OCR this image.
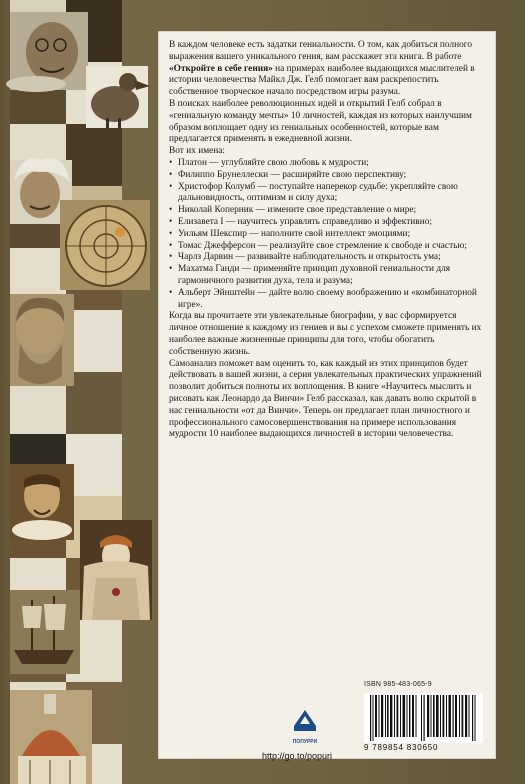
В каждом человеке есть задатки гениальности. О том, как добиться полного выражения вашего уникального гения, вам расскажет эта книга. В работе «Откройте в себе гения» на примерах наиболее выдающихся мыслителей в истории человечества Майкл Дж. Гелб помогает вам раскрепостить собственное творческое начало посредством игры разума.

В поисках наиболее революционных идей и открытий Гелб собрал в «гениальную команду мечты» 10 личностей, каждая из которых наилучшим образом воплощает одну из гениальных особенностей, которые вам предлагается применять в ежедневной жизни.

Вот их имена:

• Платон — углубляйте свою любовь к мудрости;
• Филиппо Брунеллески — расширяйте свою перспективу;
• Христофор Колумб — поступайте наперекор судьбе: укрепляйте свою дальновидность, оптимизм и силу духа;
• Николай Коперник — измените свое представление о мире;
• Елизавета I — научитесь управлять справедливо и эффективно;
• Уильям Шекспир — наполните свой интеллект эмоциями;
• Томас Джефферсон — реализуйте свое стремление к свободе и счастью;
• Чарлз Дарвин — развивайте наблюдательность и открытость ума;
• Махатма Ганди — применяйте принцип духовной гениальности для гармоничного развития духа, тела и разума;
• Альберт Эйнштейн — дайте волю своему воображению и «комбинаторной игре».

Когда вы прочитаете эти увлекательные биографии, у вас сформируется личное отношение к каждому из гениев и вы с успехом сможете применять их наиболее важные жизненные принципы для того, чтобы обогатить собственную жизнь.

Самоанализ поможет вам оценить то, как каждый из этих принципов будет действовать в вашей жизни, а серия увлекательных практических упражнений позволит добиться полноты их воплощения. В книге «Научитесь мыслить и рисовать как Леонардо да Винчи» Гелб рассказал, как давать волю скрытой в нас гениальности «от да Винчи». Теперь он предлагает план личностного и профессионального самосовершенствования на примере использования мудрости 10 наиболее выдающихся личностей в истории человечества.

ISBN 985-483-065-9
9 789854 830650
ПОПУРРИ
http://go.to/popuri
